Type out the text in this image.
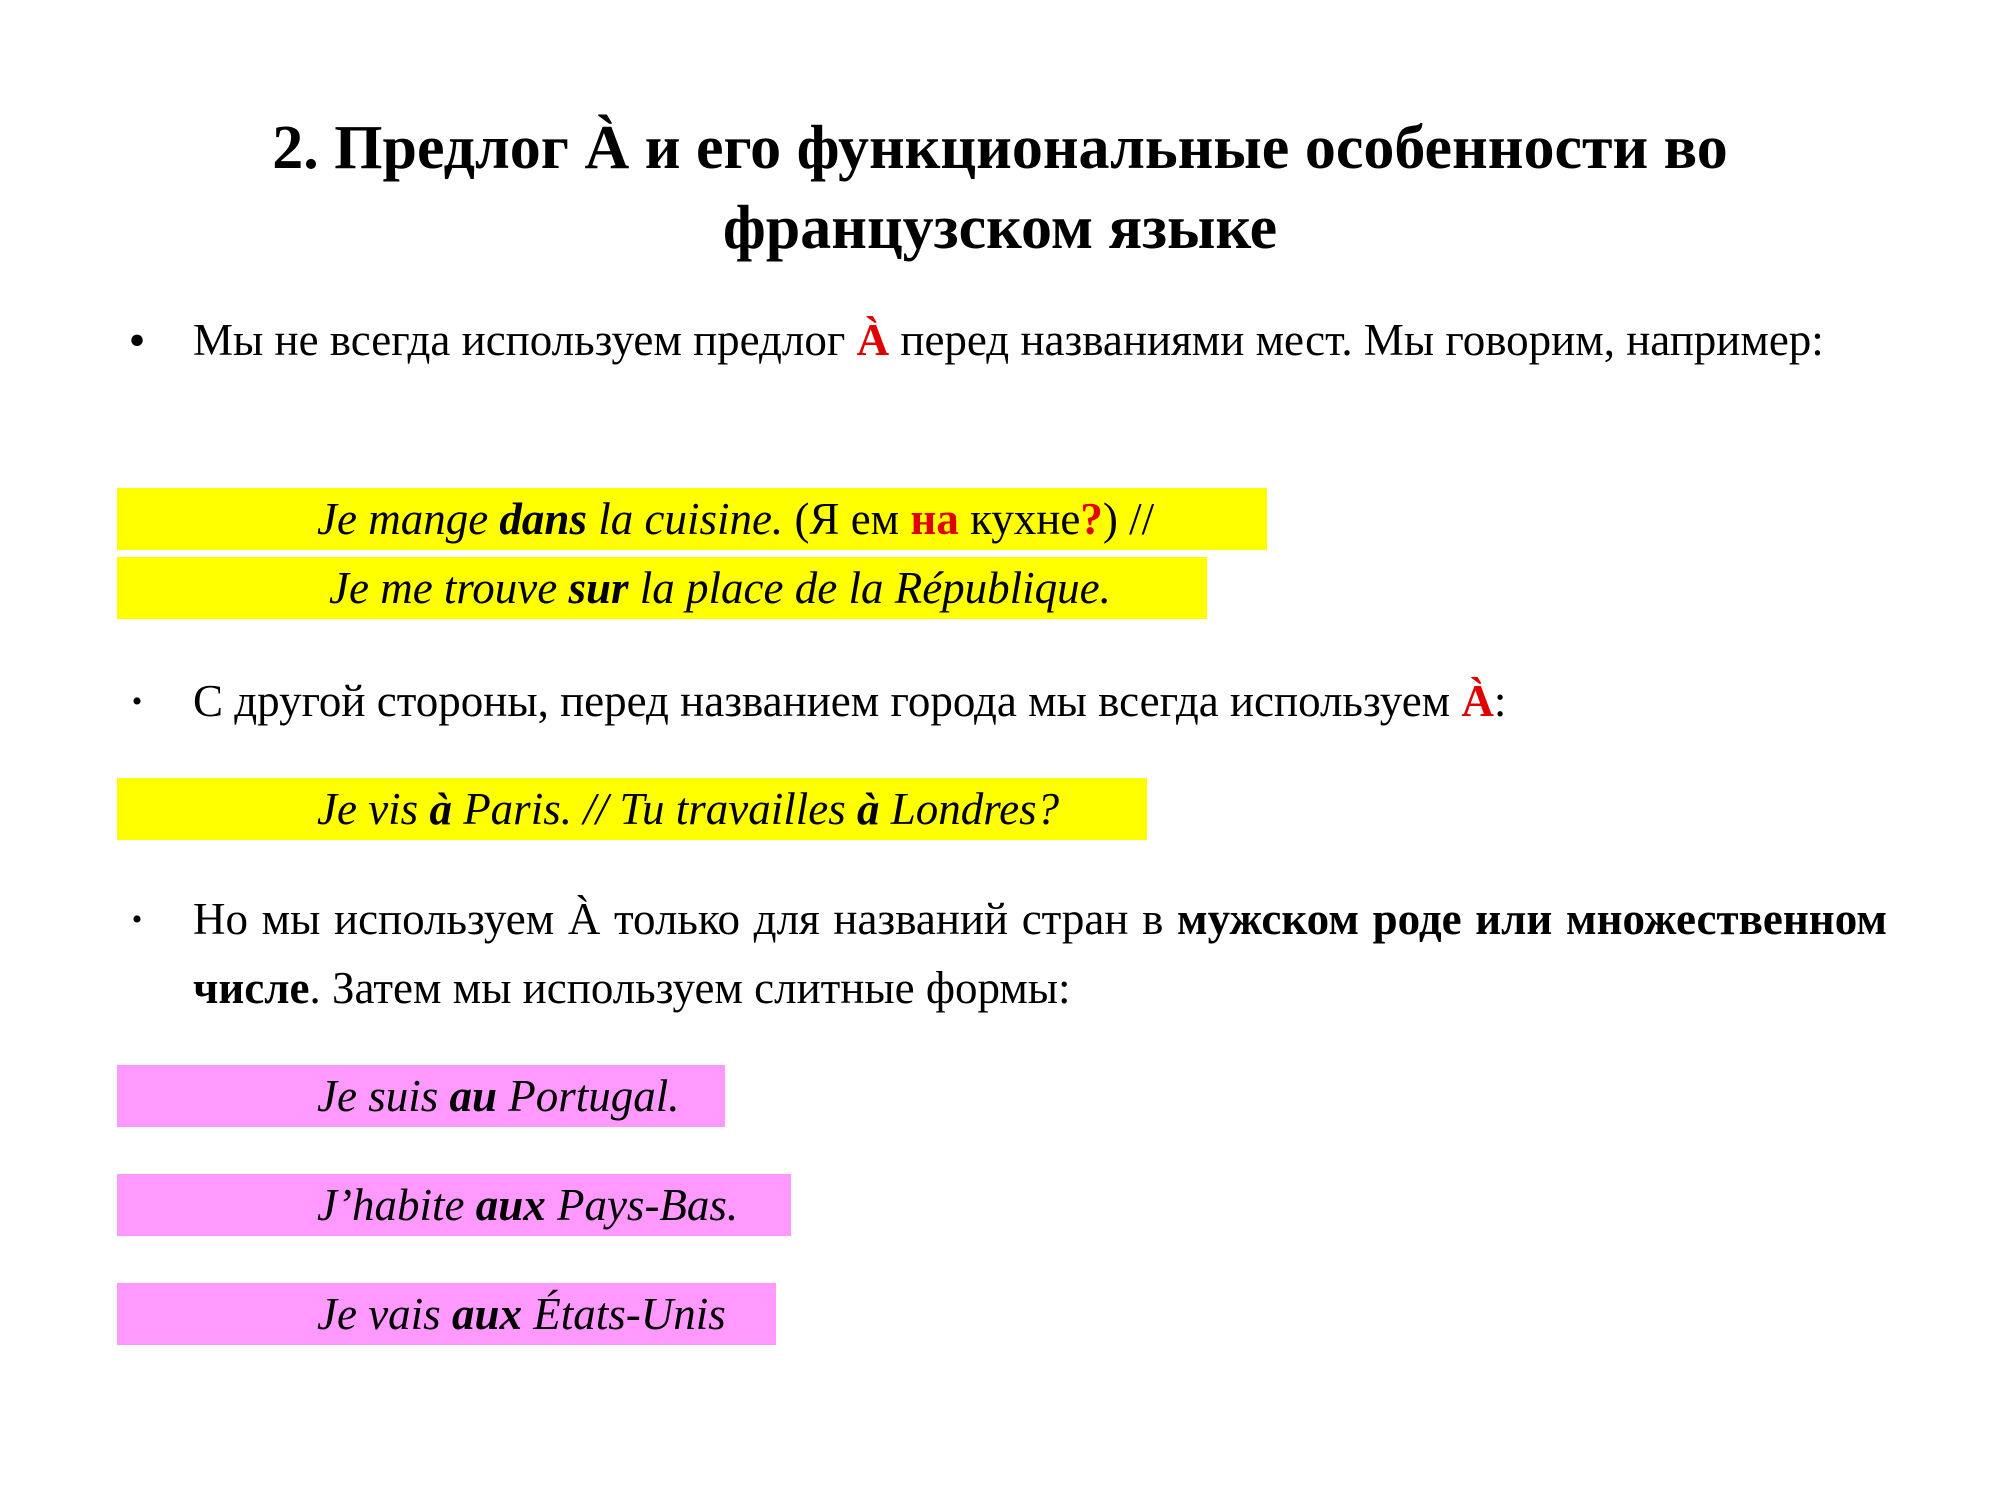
2. Предлог À и его функциональные особенности во
французском языке
• Мы не всегда используем предлог À перед названиями мест. Мы говорим, например:
Je mange dans la cuisine. (Я ем на кухне?) //
Je me trouve sur la place de la République.
•	С другой стороны, перед названием города мы всегда используем À:
Je vis à Paris. // Tu travailles à Londres?
•	Но мы используем À только для названий стран в мужском роде или множественном числе. Затем мы используем слитные формы:
Je suis au Portugal.
J’habite aux Pays-Bas.
Je vais aux États-Unis
